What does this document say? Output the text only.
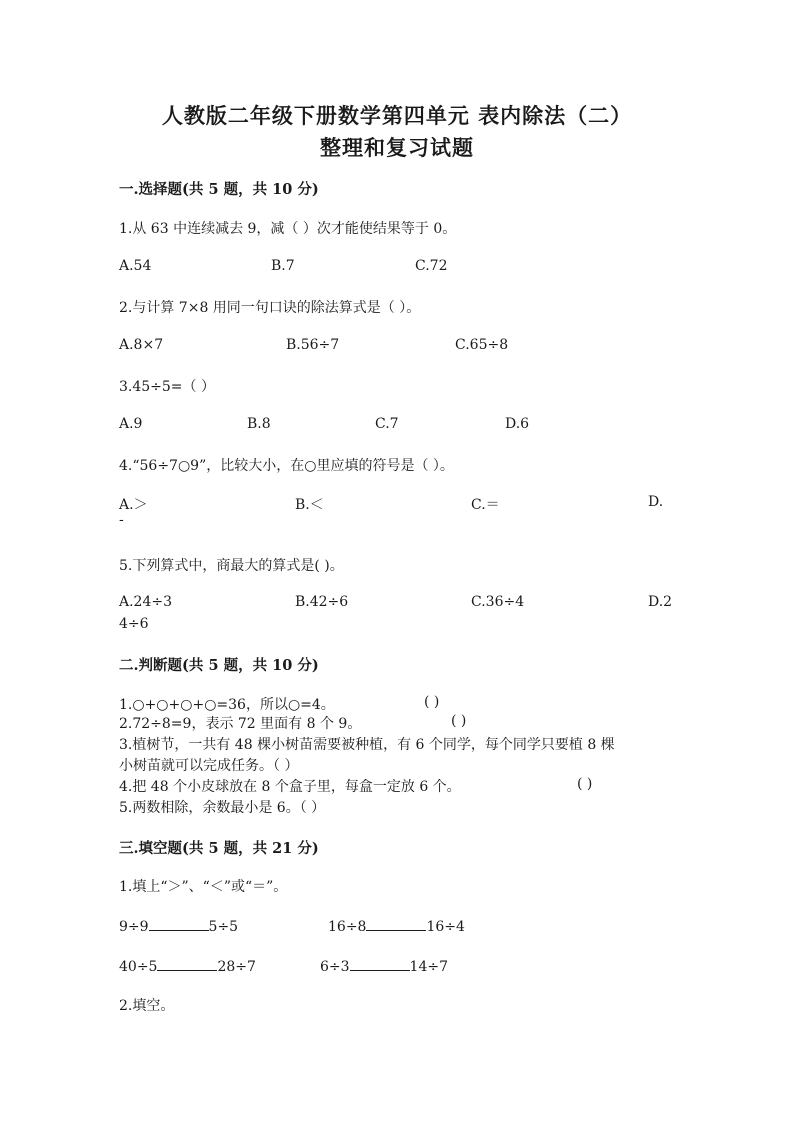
人教版二年级下册数学第四单元 表内除法（二）
整理和复习试题
一.选择题(共 5 题，共 10 分)
1.从 63 中连续减去 9，减（ ）次才能使结果等于 0。
A.54	B.7	C.72
2.与计算 7×8 用同一句口诀的除法算式是（ ）。
A.8×7	B.56÷7	C.65÷8
3.45÷5=（ ）
A.9	B.8	C.7	D.6
4.“56÷7○9”，比较大小，在○里应填的符号是（ ）。
A.＞	B.＜	C.＝	D.
-
5.下列算式中，商最大的算式是( )。
A.24÷3	B.42÷6	C.36÷4	D.2
4÷6
二.判断题(共 5 题，共 10 分)
1.○+○+○+○=36，所以○=4。	( )
2.72÷8=9，表示 72 里面有 8 个 9。	( )
3.植树节，一共有 48 棵小树苗需要被种植，有 6 个同学，每个同学只要植 8 棵
小树苗就可以完成任务。（ ）
4.把 48 个小皮球放在 8 个盒子里，每盒一定放 6 个。	( )
5.两数相除，余数最小是 6。（ ）
三.填空题(共 5 题，共 21 分)
1.填上“＞”、“＜”或“＝”。
9÷9	5÷5	16÷8	16÷4
40÷5	28÷7	6÷3	14÷7
2.填空。
